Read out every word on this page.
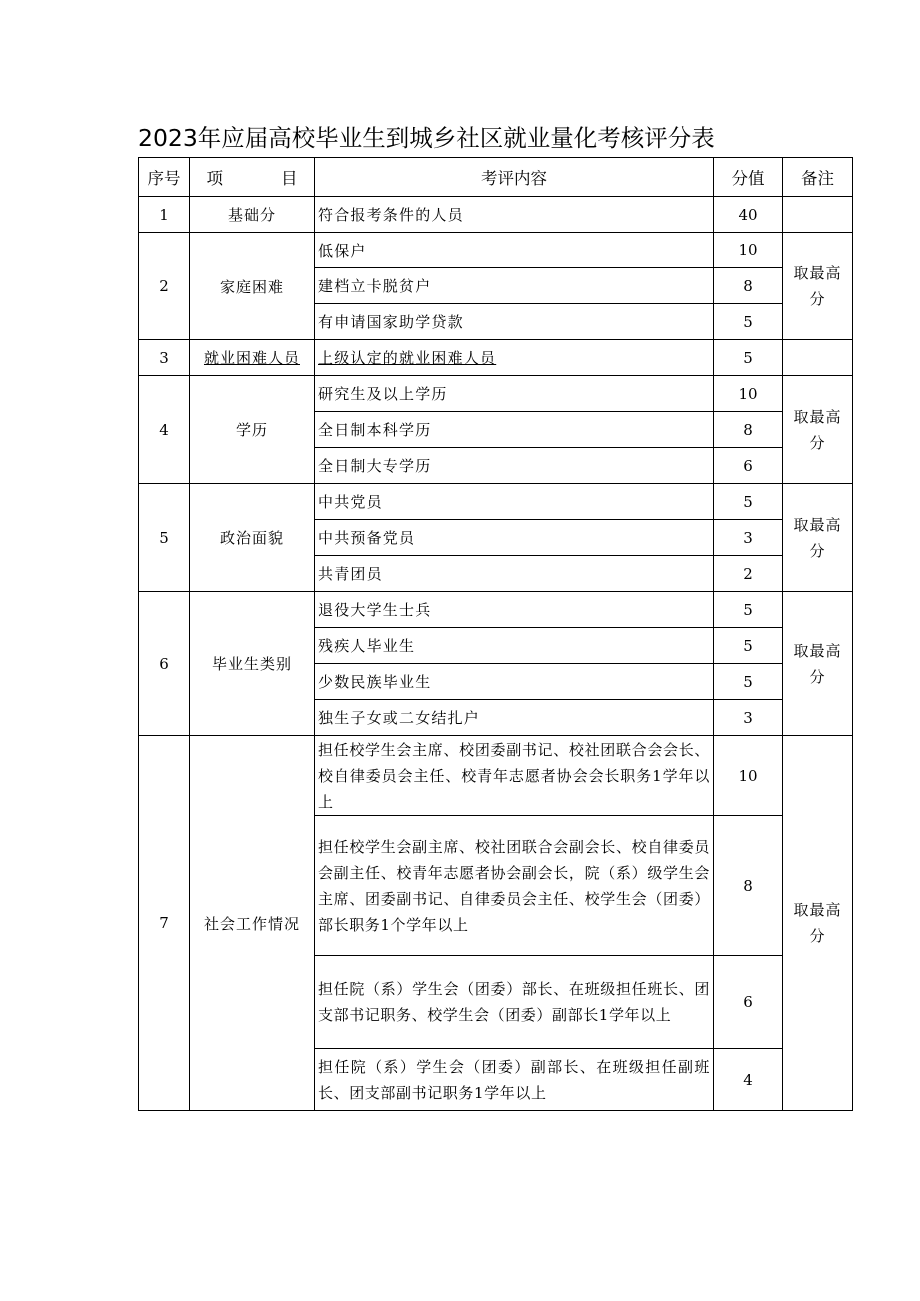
2023年应届高校毕业生到城乡社区就业量化考核评分表
序号	项 目	考评内容	分值	备注
1	基础分	符合报考条件的人员	40	
2	家庭困难	低保户	10	取最高分
		建档立卡脱贫户	8	
		有申请国家助学贷款	5	
3	就业困难人员	上级认定的就业困难人员	5	
4	学历	研究生及以上学历	10	取最高分
		全日制本科学历	8	
		全日制大专学历	6	
5	政治面貌	中共党员	5	取最高分
		中共预备党员	3	
		共青团员	2	
6	毕业生类别	退役大学生士兵	5	取最高分
		残疾人毕业生	5	
		少数民族毕业生	5	
		独生子女或二女结扎户	3	
7	社会工作情况	担任校学生会主席、校团委副书记、校社团联合会会长、校自律委员会主任、校青年志愿者协会会长职务1学年以上	10	取最高分
		担任校学生会副主席、校社团联合会副会长、校自律委员会副主任、校青年志愿者协会副会长，院（系）级学生会主席、团委副书记、自律委员会主任、校学生会（团委）部长职务1个学年以上	8	
		担任院（系）学生会（团委）部长、在班级担任班长、团支部书记职务、校学生会（团委）副部长1学年以上	6	
		担任院（系）学生会（团委）副部长、在班级担任副班长、团支部副书记职务1学年以上	4	
